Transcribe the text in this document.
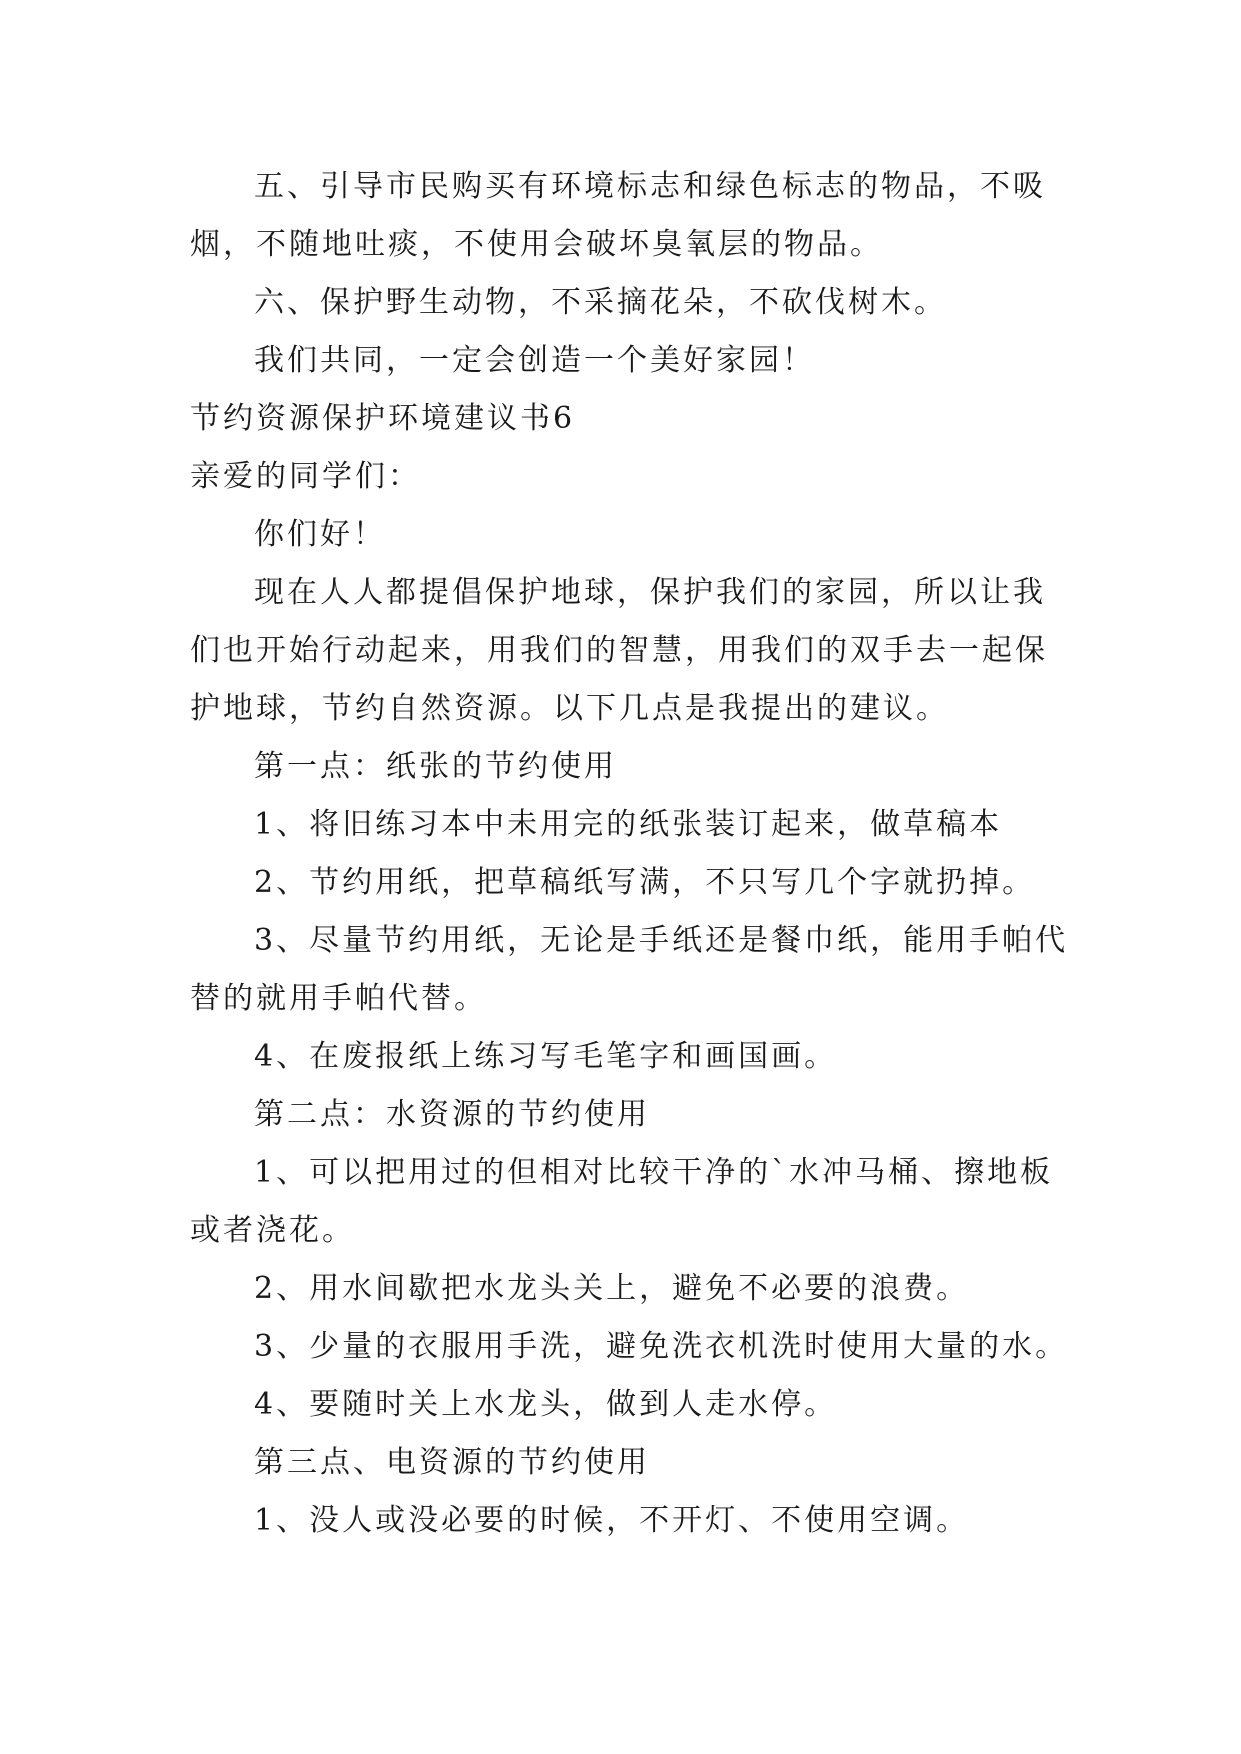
五、引导市民购买有环境标志和绿色标志的物品，不吸烟，不随地吐痰，不使用会破坏臭氧层的物品。

六、保护野生动物，不采摘花朵，不砍伐树木。

我们共同，一定会创造一个美好家园！

节约资源保护环境建议书6

亲爱的同学们：

你们好！

现在人人都提倡保护地球，保护我们的家园，所以让我们也开始行动起来，用我们的智慧，用我们的双手去一起保护地球，节约自然资源。以下几点是我提出的建议。

第一点：纸张的节约使用

1、将旧练习本中未用完的纸张装订起来，做草稿本

2、节约用纸，把草稿纸写满，不只写几个字就扔掉。

3、尽量节约用纸，无论是手纸还是餐巾纸，能用手帕代替的就用手帕代替。

4、在废报纸上练习写毛笔字和画国画。

第二点：水资源的节约使用

1、可以把用过的但相对比较干净的`水冲马桶、擦地板或者浇花。

2、用水间歇把水龙头关上，避免不必要的浪费。

3、少量的衣服用手洗，避免洗衣机洗时使用大量的水。

4、要随时关上水龙头，做到人走水停。

第三点、电资源的节约使用

1、没人或没必要的时候，不开灯、不使用空调。
